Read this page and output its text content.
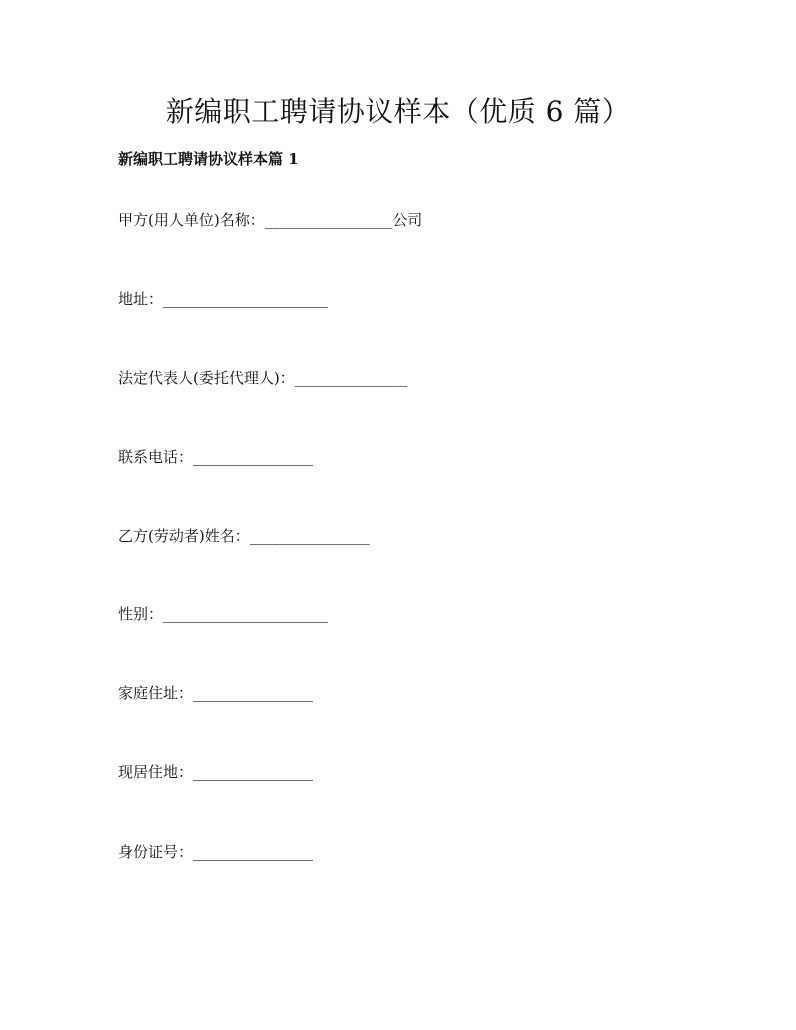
新编职工聘请协议样本（优质 6 篇）
新编职工聘请协议样本篇 1
甲方(用人单位)名称：_________________公司
地址：______________________
法定代表人(委托代理人)：_______________
联系电话：________________
乙方(劳动者)姓名：________________
性别：______________________
家庭住址：________________
现居住地：________________
身份证号：________________
